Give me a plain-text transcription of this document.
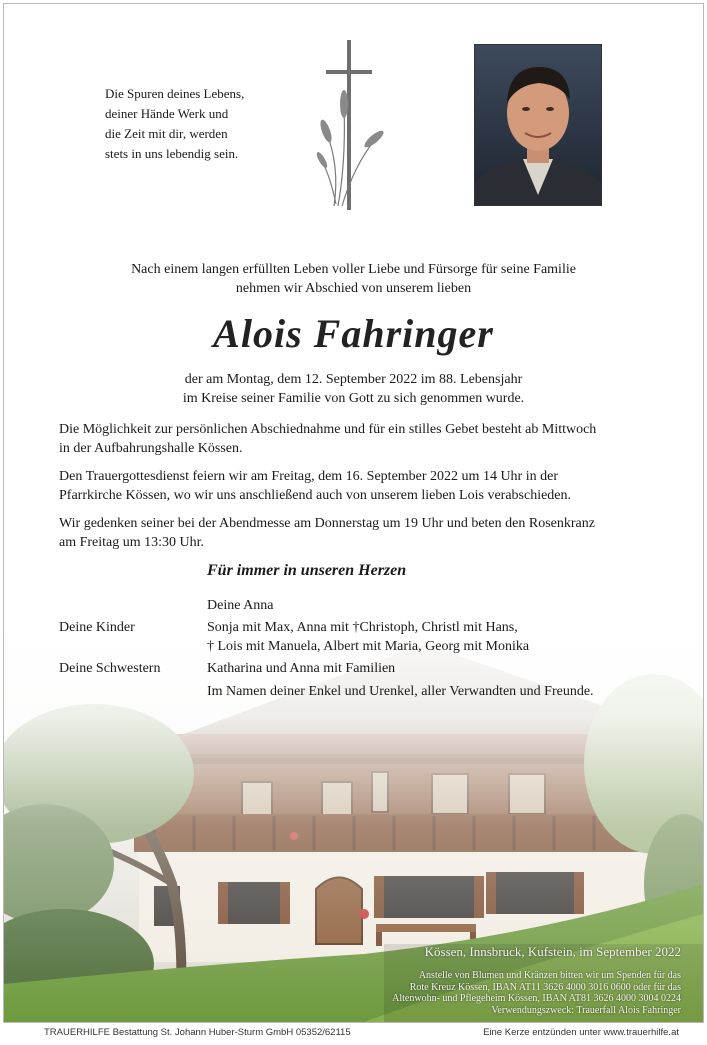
Die Spuren deines Lebens,
deiner Hände Werk und
die Zeit mit dir, werden
stets in uns lebendig sein.
Nach einem langen erfüllten Leben voller Liebe und Fürsorge für seine Familie
nehmen wir Abschied von unserem lieben
Alois Fahringer
der am Montag, dem 12. September 2022 im 88. Lebensjahr
im Kreise seiner Familie von Gott zu sich genommen wurde.
Die Möglichkeit zur persönlichen Abschiednahme und für ein stilles Gebet besteht ab Mittwoch
in der Aufbahrungshalle Kössen.
Den Trauergottesdienst feiern wir am Freitag, dem 16. September 2022 um 14 Uhr in der
Pfarrkirche Kössen, wo wir uns anschließend auch von unserem lieben Lois verabschieden.
Wir gedenken seiner bei der Abendmesse am Donnerstag um 19 Uhr und beten den Rosenkranz
am Freitag um 13:30 Uhr.
Für immer in unseren Herzen
Deine Anna
Deine Kinder	Sonja mit Max, Anna mit †Christoph, Christl mit Hans,
† Lois mit Manuela, Albert mit Maria, Georg mit Monika
Deine Schwestern	Katharina und Anna mit Familien
Im Namen deiner Enkel und Urenkel, aller Verwandten und Freunde.
Kössen, Innsbruck, Kufstein, im September 2022
Anstelle von Blumen und Kränzen bitten wir um Spenden für das
Rote Kreuz Kössen, IBAN AT11 3626 4000 3016 0600 oder für das
Altenwohn- und Pflegeheim Kössen, IBAN AT81 3626 4000 3004 0224
Verwendungszweck: Trauerfall Alois Fahringer
TRAUERHILFE Bestattung St. Johann Huber-Sturm GmbH 05352/62115	Eine Kerze entzünden unter www.trauerhilfe.at
